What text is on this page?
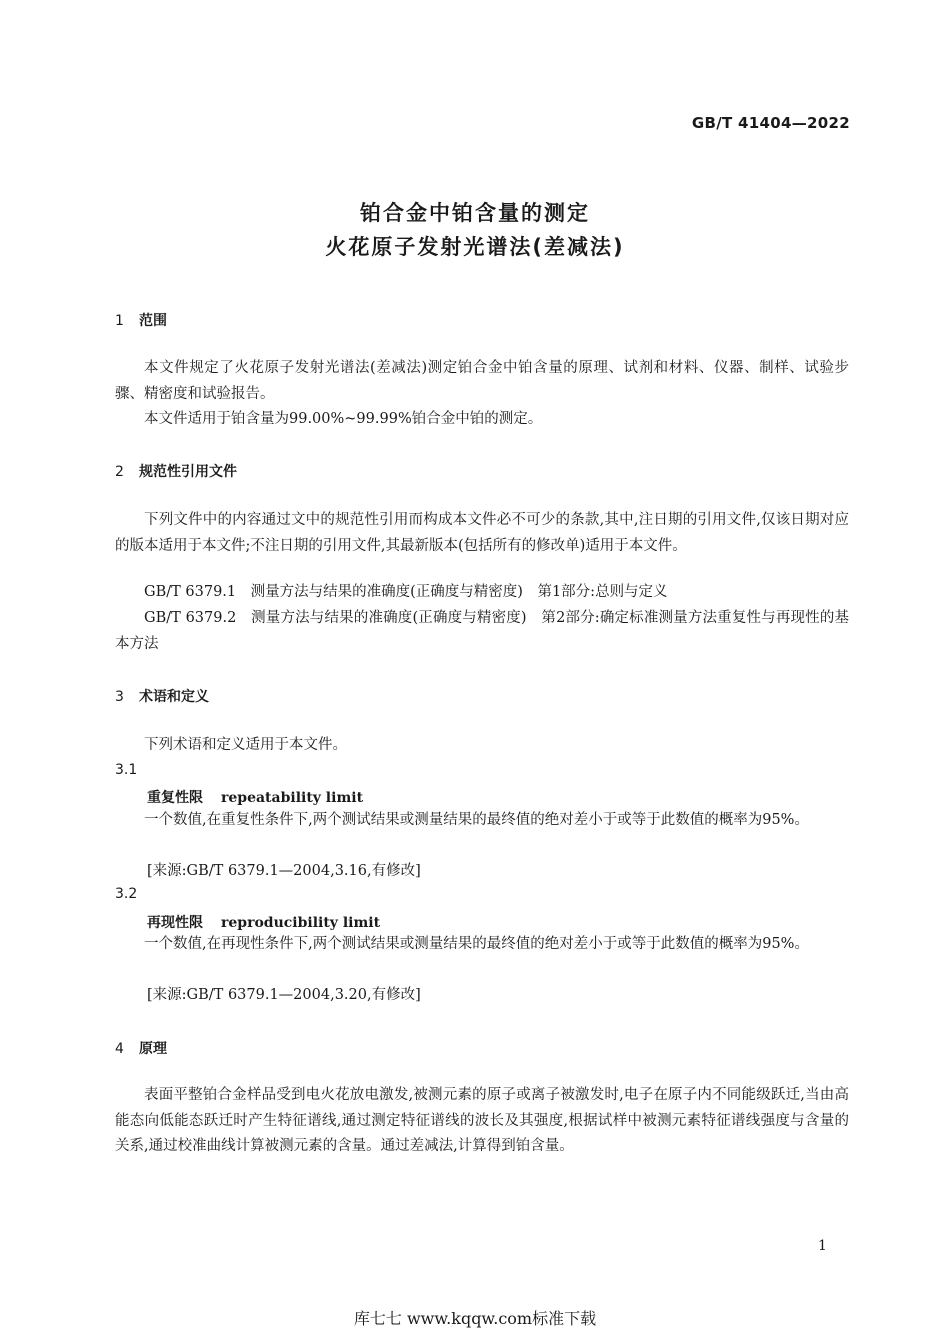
GB/T 41404—2022
铂合金中铂含量的测定
火花原子发射光谱法(差减法)
1 范围
本文件规定了火花原子发射光谱法(差减法)测定铂合金中铂含量的原理、试剂和材料、仪器、制样、试验步骤、精密度和试验报告。
本文件适用于铂含量为99.00%~99.99%铂合金中铂的测定。
2 规范性引用文件
下列文件中的内容通过文中的规范性引用而构成本文件必不可少的条款,其中,注日期的引用文件,仅该日期对应的版本适用于本文件;不注日期的引用文件,其最新版本(包括所有的修改单)适用于本文件。
GB/T 6379.1　测量方法与结果的准确度(正确度与精密度)　第1部分:总则与定义
GB/T 6379.2　测量方法与结果的准确度(正确度与精密度)　第2部分:确定标准测量方法重复性与再现性的基本方法
3 术语和定义
下列术语和定义适用于本文件。
3.1
重复性限 repeatability limit
一个数值,在重复性条件下,两个测试结果或测量结果的最终值的绝对差小于或等于此数值的概率为95%。
[来源:GB/T 6379.1—2004,3.16,有修改]
3.2
再现性限 reproducibility limit
一个数值,在再现性条件下,两个测试结果或测量结果的最终值的绝对差小于或等于此数值的概率为95%。
[来源:GB/T 6379.1—2004,3.20,有修改]
4 原理
表面平整铂合金样品受到电火花放电激发,被测元素的原子或离子被激发时,电子在原子内不同能级跃迁,当由高能态向低能态跃迁时产生特征谱线,通过测定特征谱线的波长及其强度,根据试样中被测元素特征谱线强度与含量的关系,通过校准曲线计算被测元素的含量。通过差减法,计算得到铂含量。
1
库七七 www.kqqw.com标准下载
